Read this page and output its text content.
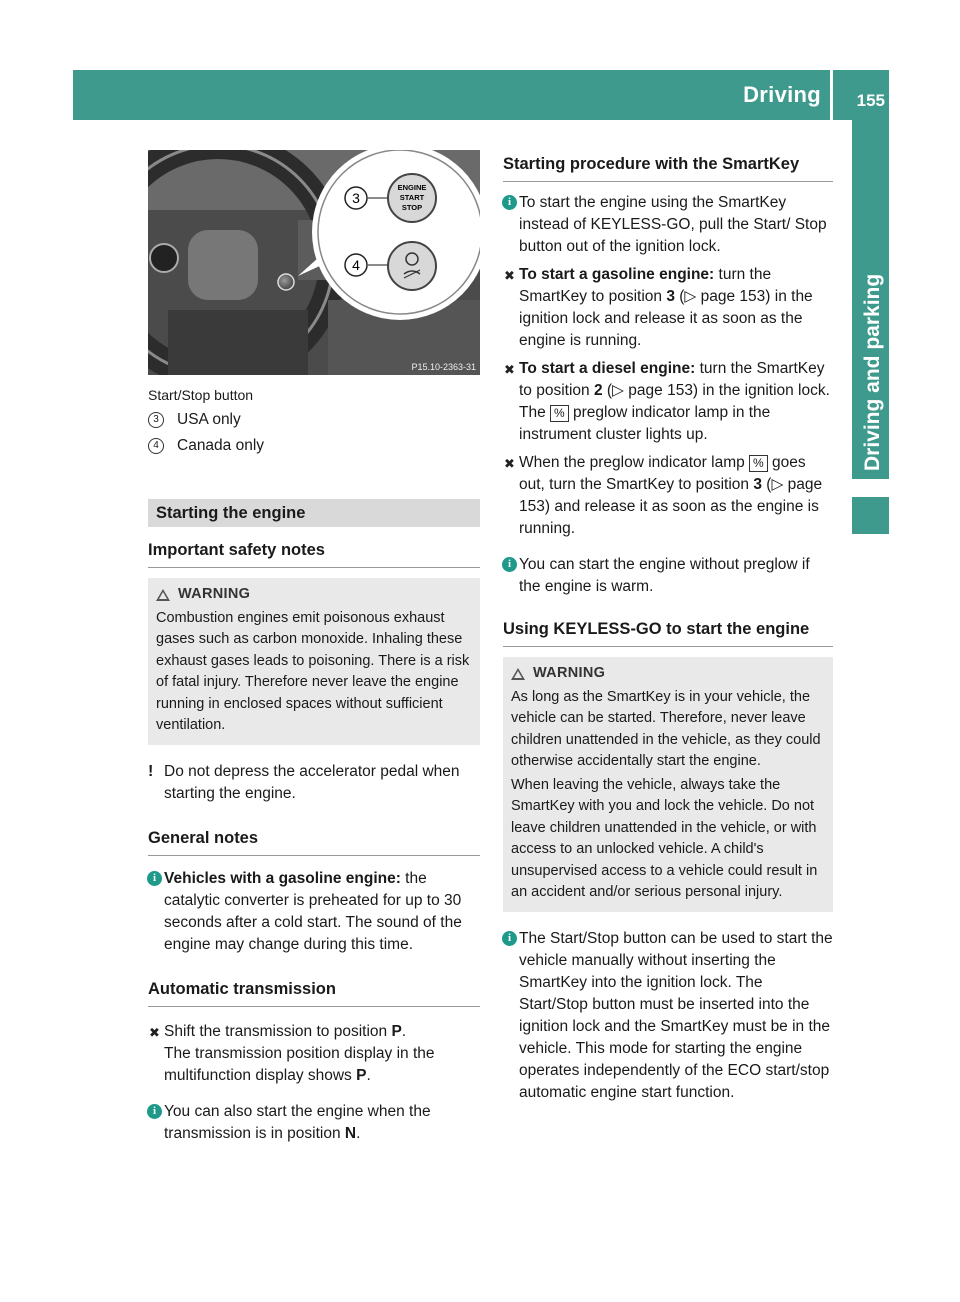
Driving 155
Driving and parking
3
4
ENGINE
START
STOP
P15.10-2363-31
Start/Stop button
3	USA only
4	Canada only
Starting the engine
Important safety notes
WARNING
Combustion engines emit poisonous exhaust gases such as carbon monoxide. Inhaling these exhaust gases leads to poisoning. There is a risk of fatal injury. Therefore never leave the engine running in enclosed spaces without sufficient ventilation.

! Do not depress the accelerator pedal when starting the engine.

General notes

i Vehicles with a gasoline engine: the catalytic converter is preheated for up to 30 seconds after a cold start. The sound of the engine may change during this time.

Automatic transmission

✖ Shift the transmission to position P.
The transmission position display in the multifunction display shows P.

i You can also start the engine when the transmission is in position N.

Starting procedure with the SmartKey

i To start the engine using the SmartKey instead of KEYLESS-GO, pull the Start/ Stop button out of the ignition lock.

✖ To start a gasoline engine: turn the SmartKey to position 3 (▷ page 153) in the ignition lock and release it as soon as the engine is running.

✖ To start a diesel engine: turn the SmartKey to position 2 (▷ page 153) in the ignition lock.
The % preglow indicator lamp in the instrument cluster lights up.

✖ When the preglow indicator lamp % goes out, turn the SmartKey to position 3 (▷ page 153) and release it as soon as the engine is running.

i You can start the engine without preglow if the engine is warm.

Using KEYLESS-GO to start the engine
WARNING
As long as the SmartKey is in your vehicle, the vehicle can be started. Therefore, never leave children unattended in the vehicle, as they could otherwise accidentally start the engine.
When leaving the vehicle, always take the SmartKey with you and lock the vehicle. Do not leave children unattended in the vehicle, or with access to an unlocked vehicle. A child's unsupervised access to a vehicle could result in an accident and/or serious personal injury.

i The Start/Stop button can be used to start the vehicle manually without inserting the SmartKey into the ignition lock. The Start/Stop button must be inserted into the ignition lock and the SmartKey must be in the vehicle. This mode for starting the engine operates independently of the ECO start/stop automatic engine start function.
